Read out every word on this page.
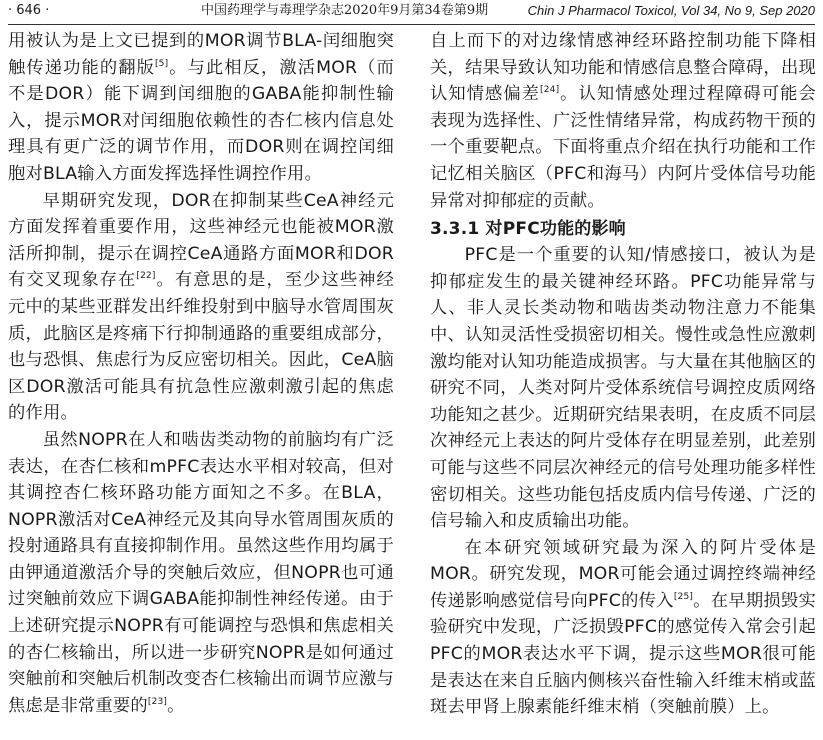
· 646 ·	中国药理学与毒理学杂志2020年9月第34卷第9期	Chin J Pharmacol Toxicol, Vol 34, No 9, Sep 2020

用被认为是上文已提到的MOR调节BLA-闰细胞突触传递功能的翻版[5]。与此相反，激活MOR（而不是DOR）能下调到闰细胞的GABA能抑制性输入，提示MOR对闰细胞依赖性的杏仁核内信息处理具有更广泛的调节作用，而DOR则在调控闰细胞对BLA输入方面发挥选择性调控作用。

早期研究发现，DOR在抑制某些CeA神经元方面发挥着重要作用，这些神经元也能被MOR激活所抑制，提示在调控CeA通路方面MOR和DOR有交叉现象存在[22]。有意思的是，至少这些神经元中的某些亚群发出纤维投射到中脑导水管周围灰质，此脑区是疼痛下行抑制通路的重要组成部分，也与恐惧、焦虑行为反应密切相关。因此，CeA脑区DOR激活可能具有抗急性应激刺激引起的焦虑的作用。

虽然NOPR在人和啮齿类动物的前脑均有广泛表达，在杏仁核和mPFC表达水平相对较高，但对其调控杏仁核环路功能方面知之不多。在BLA，NOPR激活对CeA神经元及其向导水管周围灰质的投射通路具有直接抑制作用。虽然这些作用均属于由钾通道激活介导的突触后效应，但NOPR也可通过突触前效应下调GABA能抑制性神经传递。由于上述研究提示NOPR有可能调控与恐惧和焦虑相关的杏仁核输出，所以进一步研究NOPR是如何通过突触前和突触后机制改变杏仁核输出而调节应激与焦虑是非常重要的[23]。

自上而下的对边缘情感神经环路控制功能下降相关，结果导致认知功能和情感信息整合障碍，出现认知情感偏差[24]。认知情感处理过程障碍可能会表现为选择性、广泛性情绪异常，构成药物干预的一个重要靶点。下面将重点介绍在执行功能和工作记忆相关脑区（PFC和海马）内阿片受体信号功能异常对抑郁症的贡献。

3.3.1 对PFC功能的影响

PFC是一个重要的认知/情感接口，被认为是抑郁症发生的最关键神经环路。PFC功能异常与人、非人灵长类动物和啮齿类动物注意力不能集中、认知灵活性受损密切相关。慢性或急性应激刺激均能对认知功能造成损害。与大量在其他脑区的研究不同，人类对阿片受体系统信号调控皮质网络功能知之甚少。近期研究结果表明，在皮质不同层次神经元上表达的阿片受体存在明显差别，此差别可能与这些不同层次神经元的信号处理功能多样性密切相关。这些功能包括皮质内信号传递、广泛的信号输入和皮质输出功能。

在本研究领域研究最为深入的阿片受体是MOR。研究发现，MOR可能会通过调控终端神经传递影响感觉信号向PFC的传入[25]。在早期损毁实验研究中发现，广泛损毁PFC的感觉传入常会引起PFC的MOR表达水平下调，提示这些MOR很可能是表达在来自丘脑内侧核兴奋性输入纤维末梢或蓝斑去甲肾上腺素能纤维末梢（突触前膜）上。
